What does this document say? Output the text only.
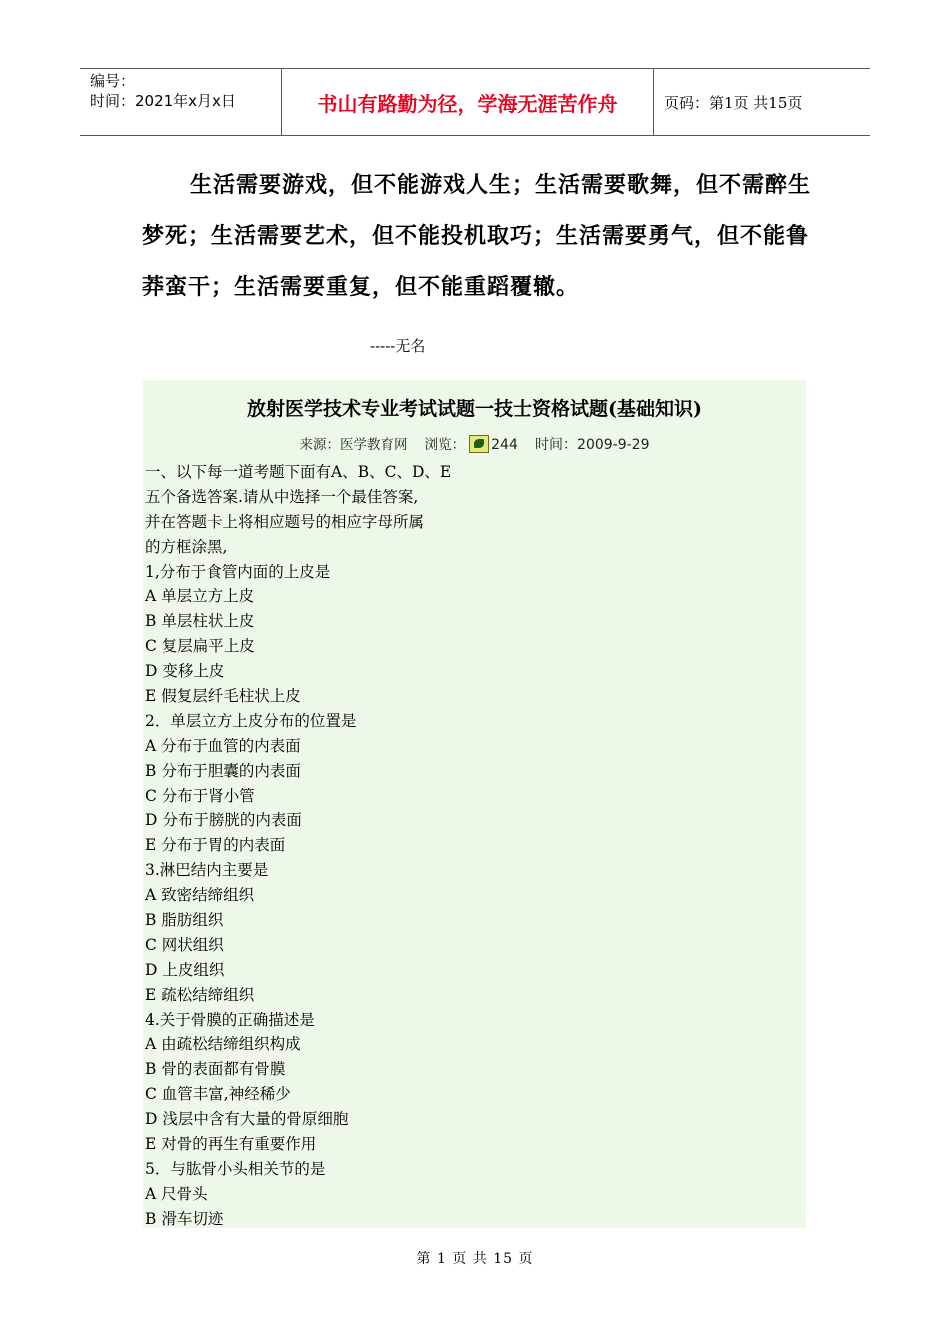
编号：
时间：2021年x月x日	书山有路勤为径，学海无涯苦作舟	页码：第1页 共15页
生活需要游戏，但不能游戏人生；生活需要歌舞，但不需醉生梦死；生活需要艺术，但不能投机取巧；生活需要勇气，但不能鲁莽蛮干；生活需要重复，但不能重蹈覆辙。
-----无名
放射医学技术专业考试试题一技士资格试题(基础知识)
来源：医学教育网 浏览： 244 时间：2009-9-29
一、以下每一道考题下面有A、B、C、D、E
五个备选答案.请从中选择一个最佳答案,
并在答题卡上将相应题号的相应字母所属
的方框涂黑,
1,分布于食管内面的上皮是
A 单层立方上皮
B 单层柱状上皮
C 复层扁平上皮
D 变移上皮
E 假复层纤毛柱状上皮
2．单层立方上皮分布的位置是
A 分布于血管的内表面
B 分布于胆囊的内表面
C 分布于肾小管
D 分布于膀胱的内表面
E 分布于胃的内表面
3.淋巴结内主要是
A 致密结缔组织
B 脂肪组织
C 网状组织
D 上皮组织
E 疏松结缔组织
4.关于骨膜的正确描述是
A 由疏松结缔组织构成
B 骨的表面都有骨膜
C 血管丰富,神经稀少
D 浅层中含有大量的骨原细胞
E 对骨的再生有重要作用
5．与肱骨小头相关节的是
A 尺骨头
B 滑车切迹
第 1 页 共 15 页
